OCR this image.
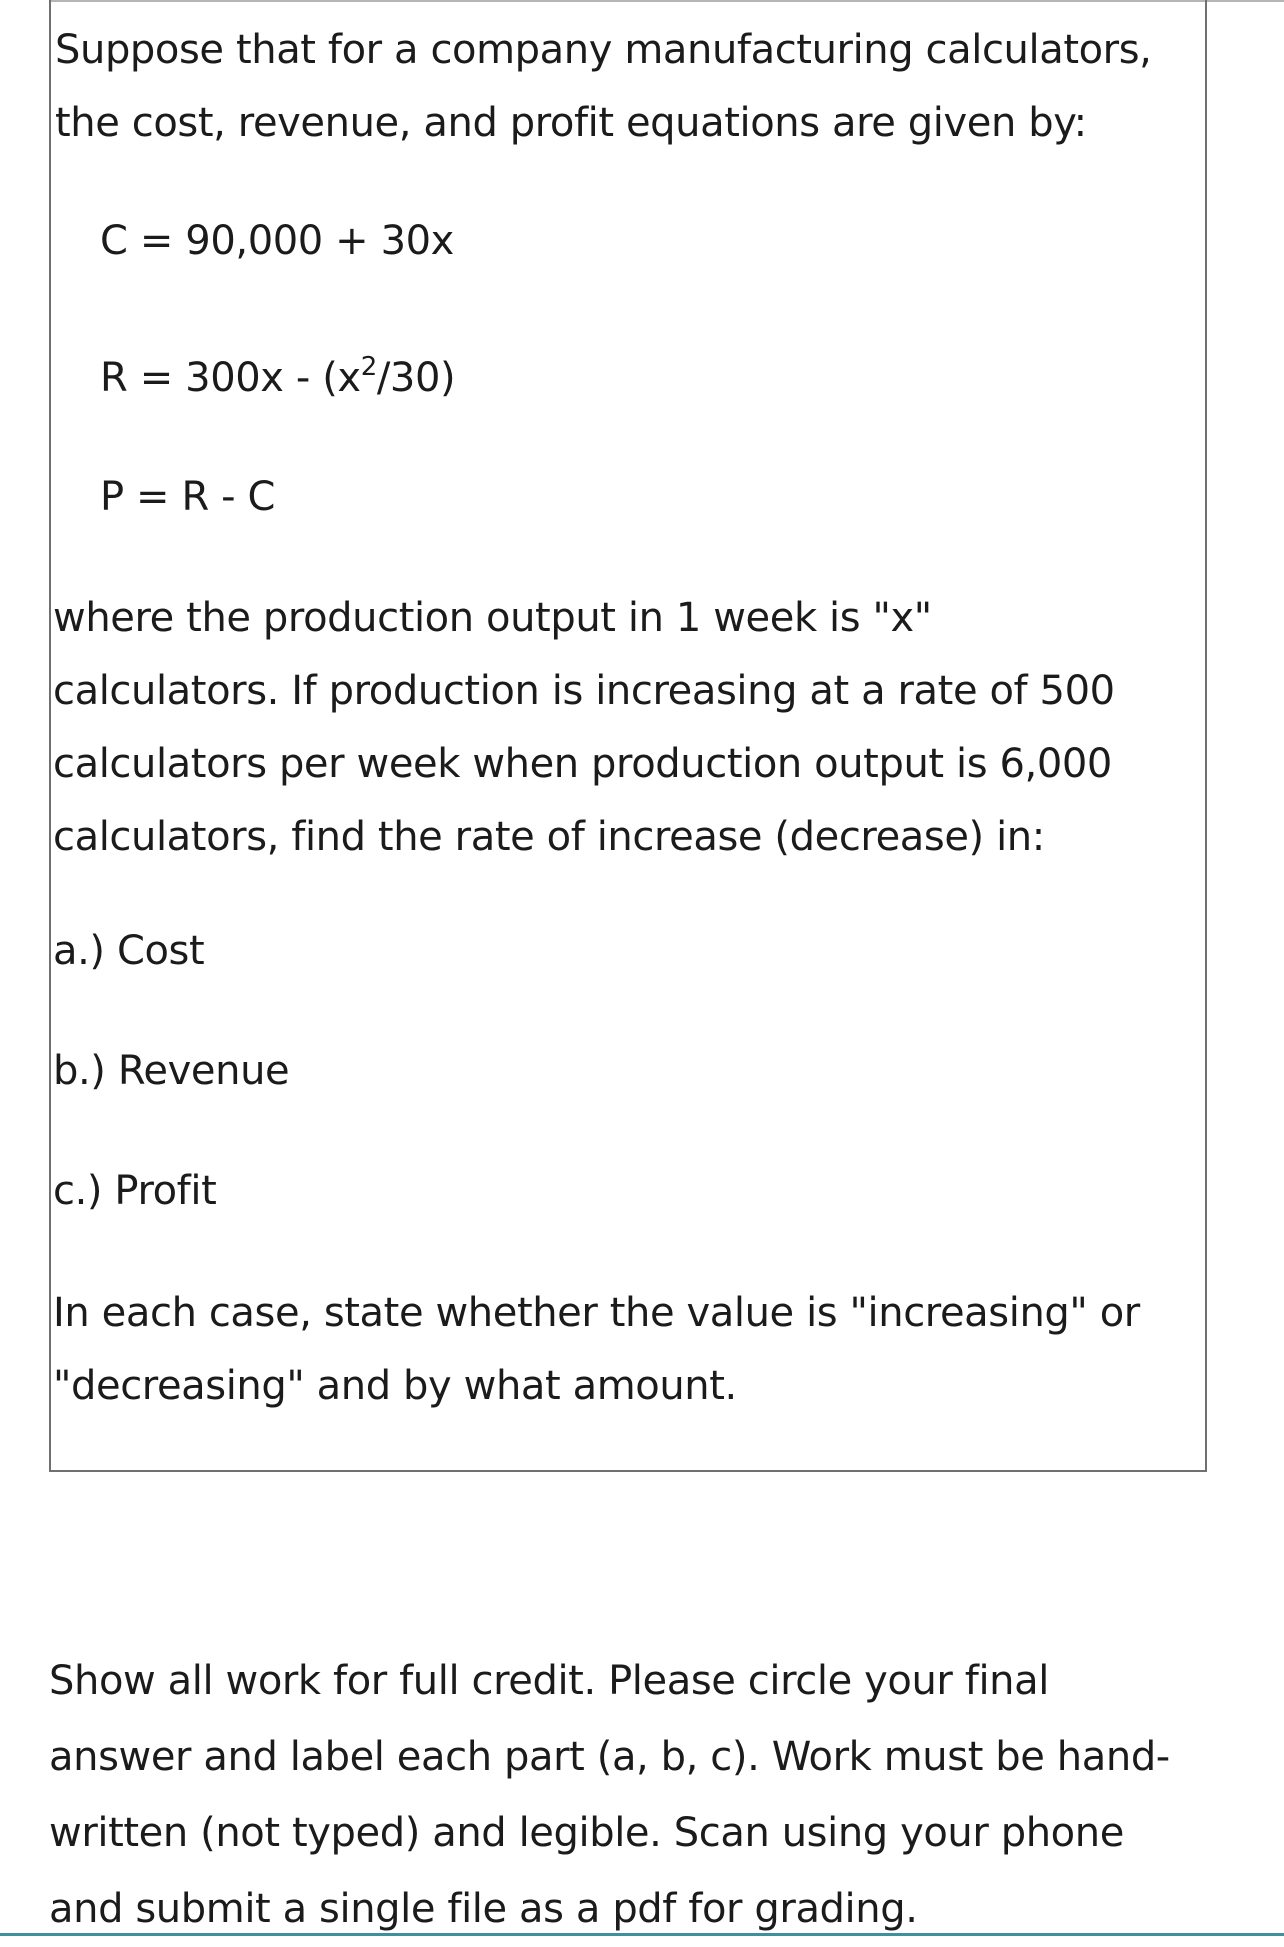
Suppose that for a company manufacturing calculators,
the cost, revenue, and profit equations are given by:

C = 90,000 + 30x

$R = 300x - (x^2/30)$

P = R - C

where the production output in 1 week is "x"
calculators. If production is increasing at a rate of 500
calculators per week when production output is 6,000
calculators, find the rate of increase (decrease) in:

a.) Cost

b.) Revenue

c.) Profit

In each case, state whether the value is "increasing" or
"decreasing" and by what amount.
Show all work for full credit. Please circle your final
answer and label each part (a, b, c). Work must be hand-
written (not typed) and legible. Scan using your phone
and submit a single file as a pdf for grading.
